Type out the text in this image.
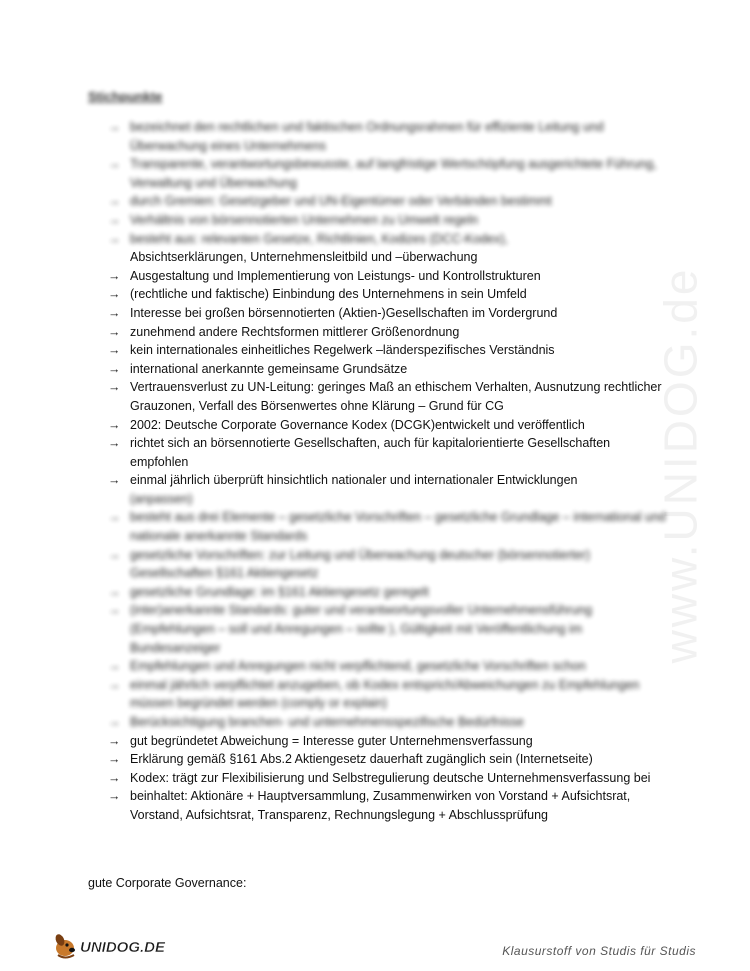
Stichpunkte
www.UNIDOG.de
→ bezeichnet den rechtlichen und faktischen Ordnungsrahmen für effiziente Leitung und Überwachung eines Unternehmens
→ Transparente, verantwortungsbewusste, auf langfristige Wertschöpfung ausgerichtete Führung, Verwaltung und Überwachung
→ durch Gremien: Gesetzgeber und UN-Eigentümer oder Verbänden bestimmt
→ Verhältnis von börsennotierten Unternehmen zu Umwelt regeln
→ besteht aus: relevanten Gesetze, Richtlinien, Kodizes (DCC-Kodex),
Absichtserklärungen, Unternehmensleitbild und –überwachung
→ Ausgestaltung und Implementierung von Leistungs- und Kontrollstrukturen
→ (rechtliche und faktische) Einbindung des Unternehmens in sein Umfeld
→ Interesse bei großen börsennotierten (Aktien-)Gesellschaften im Vordergrund
→ zunehmend andere Rechtsformen mittlerer Größenordnung
→ kein internationales einheitliches Regelwerk –länderspezifisches Verständnis
→ international anerkannte gemeinsame Grundsätze
→ Vertrauensverlust zu UN-Leitung: geringes Maß an ethischem Verhalten, Ausnutzung rechtlicher Grauzonen, Verfall des Börsenwertes ohne Klärung – Grund für CG
→ 2002: Deutsche Corporate Governance Kodex (DCGK)entwickelt und veröffentlich
→ richtet sich an börsennotierte Gesellschaften, auch für kapitalorientierte Gesellschaften empfohlen
→ einmal jährlich überprüft hinsichtlich nationaler und internationaler Entwicklungen
(anpassen)
→ besteht aus drei Elemente – gesetzliche Vorschriften – gesetzliche Grundlage – international und nationale anerkannte Standards
→ gesetzliche Vorschriften: zur Leitung und Überwachung deutscher (börsennotierter) Gesellschaften §161 Aktiengesetz
→ gesetzliche Grundlage: im §161 Aktiengesetz geregelt
→ (inter)anerkannte Standards: guter und verantwortungsvoller Unternehmensführung (Empfehlungen – soll und Anregungen – sollte ), Gültigkeit mit Veröffentlichung im Bundesanzeiger
→ Empfehlungen und Anregungen nicht verpflichtend, gesetzliche Vorschriften schon
→ einmal jährlich verpflichtet anzugeben, ob Kodex entsprich/Abweichungen zu Empfehlungen müssen begründet werden (comply or explain)
→ Berücksichtigung branchen- und unternehmensspezifische Bedürfnisse
→ gut begründetet Abweichung = Interesse guter Unternehmensverfassung
→ Erklärung gemäß §161 Abs.2 Aktiengesetz dauerhaft zugänglich sein (Internetseite)
→ Kodex: trägt zur Flexibilisierung und Selbstregulierung deutsche Unternehmensverfassung bei
→ beinhaltet: Aktionäre + Hauptversammlung, Zusammenwirken von Vorstand + Aufsichtsrat, Vorstand, Aufsichtsrat, Transparenz, Rechnungslegung + Abschlussprüfung
gute Corporate Governance:
UNIDOG.DE	Klausurstoff von Studis für Studis
